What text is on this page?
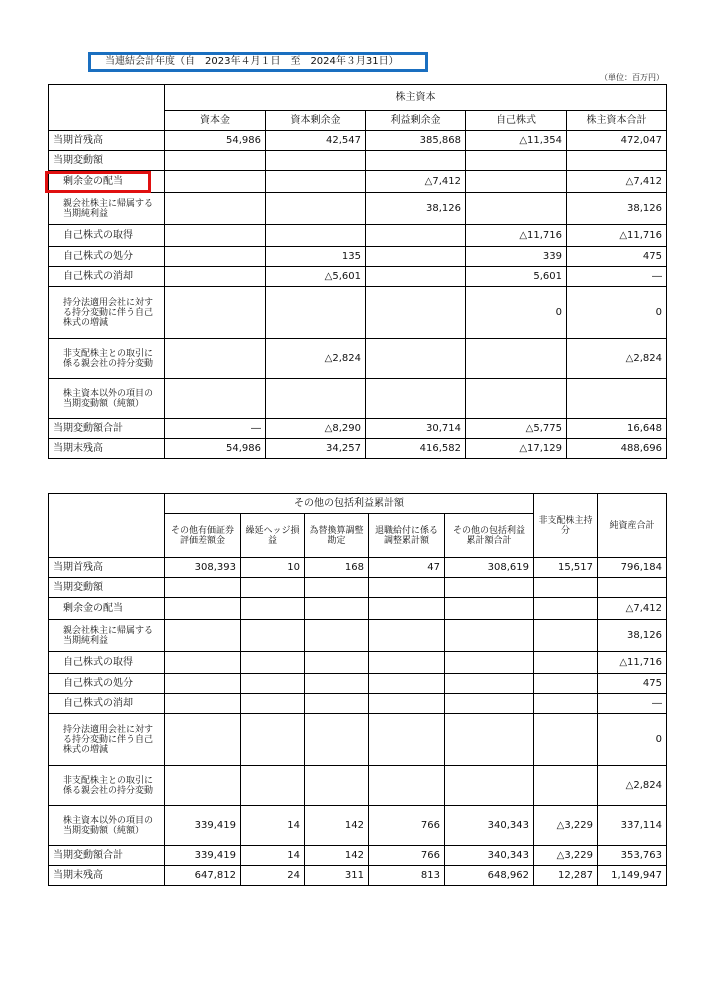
当連結会計年度（自　2023年４月１日　至　2024年３月31日）
（単位：百万円）
	株主資本				
	資本金	資本剰余金	利益剰余金	自己株式	株主資本合計
当期首残高	54,986	42,547	385,868	△11,354	472,047
当期変動額					
剰余金の配当			△7,412		△7,412
親会社株主に帰属する当期純利益			38,126		38,126
自己株式の取得				△11,716	△11,716
自己株式の処分		135		339	475
自己株式の消却		△5,601		5,601	―
持分法適用会社に対する持分変動に伴う自己株式の増減				0	0
非支配株主との取引に係る親会社の持分変動		△2,824			△2,824
株主資本以外の項目の当期変動額（純額）					
当期変動額合計	―	△8,290	30,714	△5,775	16,648
当期末残高	54,986	34,257	416,582	△17,129	488,696
	その他の包括利益累計額					非支配株主持分	純資産合計
	その他有価証券評価差額金	繰延ヘッジ損益	為替換算調整勘定	退職給付に係る調整累計額	その他の包括利益累計額合計		
当期首残高	308,393	10	168	47	308,619	15,517	796,184
当期変動額							
剰余金の配当							△7,412
親会社株主に帰属する当期純利益							38,126
自己株式の取得							△11,716
自己株式の処分							475
自己株式の消却							―
持分法適用会社に対する持分変動に伴う自己株式の増減							0
非支配株主との取引に係る親会社の持分変動							△2,824
株主資本以外の項目の当期変動額（純額）	339,419	14	142	766	340,343	△3,229	337,114
当期変動額合計	339,419	14	142	766	340,343	△3,229	353,763
当期末残高	647,812	24	311	813	648,962	12,287	1,149,947
